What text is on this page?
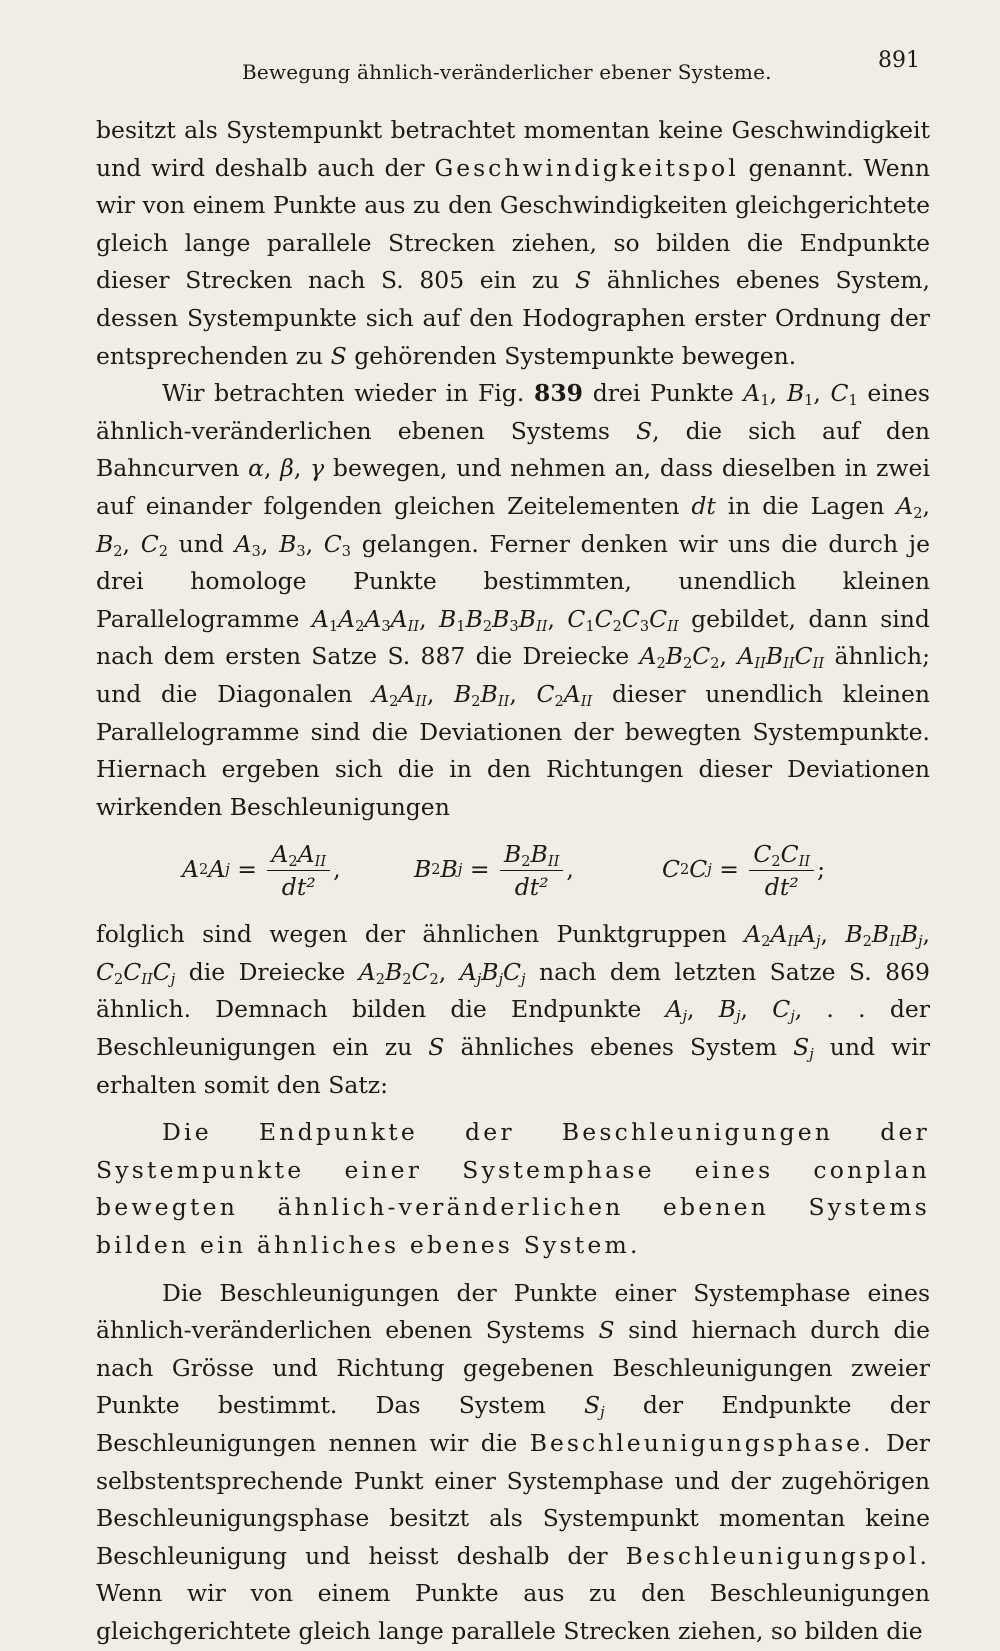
Bewegung ähnlich-veränderlicher ebener Systeme.	891

besitzt als Systempunkt betrachtet momentan keine Geschwindigkeit und wird deshalb auch der Geschwindigkeitspol genannt. Wenn wir von einem Punkte aus zu den Geschwindigkeiten gleichgerichtete gleich lange parallele Strecken ziehen, so bilden die Endpunkte dieser Strecken nach S. 805 ein zu S ähnliches ebenes System, dessen Systempunkte sich auf den Hodographen erster Ordnung der entsprechenden zu S gehörenden Systempunkte bewegen.

Wir betrachten wieder in Fig. 839 drei Punkte $A_1$, $B_1$, $C_1$ eines ähnlich-veränderlichen ebenen Systems S, die sich auf den Bahncurven α, β, γ bewegen, und nehmen an, dass dieselben in zwei auf einander folgenden gleichen Zeitelementen dt in die Lagen $A_2$, $B_2$, $C_2$ und $A_3$, $B_3$, $C_3$ gelangen. Ferner denken wir uns die durch je drei homologe Punkte bestimmten, unendlich kleinen Parallelogramme $A_1A_2A_3A_{II}$, $B_1B_2B_3B_{II}$, $C_1C_2C_3C_{II}$ gebildet, dann sind nach dem ersten Satze S. 887 die Dreiecke $A_2B_2C_2$, $A_{II}B_{II}C_{II}$ ähnlich; und die Diagonalen $A_2A_{II}$, $B_2B_{II}$, $C_2A_{II}$ dieser unendlich kleinen Parallelogramme sind die Deviationen der bewegten Systempunkte. Hiernach ergeben sich die in den Richtungen dieser Deviationen wirkenden Beschleunigungen

A 2 A $j = \frac{A_2A_{II}}{\text{dt²}}$ ,	B 2 B $j = \frac{B_2B_{II}}{\text{dt²}}$ ,	C 2 C $j = \frac{C_2C_{II}}{\text{dt²}}$ ;

folglich sind wegen der ähnlichen Punktgruppen $A_2A_{II}A_j$, $B_2B_{II}B_j$, $C_2C_{II}C_j$ die Dreiecke $A_2B_2C_2$, $A_jB_jC_j$ nach dem letzten Satze S. 869 ähnlich. Demnach bilden die Endpunkte $A_j$, $B_j$, $C_j$, . . der Beschleunigungen ein zu S ähnliches ebenes System $S_j$ und wir erhalten somit den Satz:

Die Endpunkte der Beschleunigungen der Systempunkte einer Systemphase eines conplan bewegten ähnlich-veränderlichen ebenen Systems bilden ein ähnliches ebenes System.

Die Beschleunigungen der Punkte einer Systemphase eines ähnlich-veränderlichen ebenen Systems S sind hiernach durch die nach Grösse und Richtung gegebenen Beschleunigungen zweier Punkte bestimmt. Das System $S_j$ der Endpunkte der Beschleunigungen nennen wir die Beschleunigungsphase. Der selbstentsprechende Punkt einer Systemphase und der zugehörigen Beschleunigungsphase besitzt als Systempunkt momentan keine Beschleunigung und heisst deshalb der Beschleunigungspol. Wenn wir von einem Punkte aus zu den Beschleunigungen gleichgerichtete gleich lange parallele Strecken ziehen, so bilden die
